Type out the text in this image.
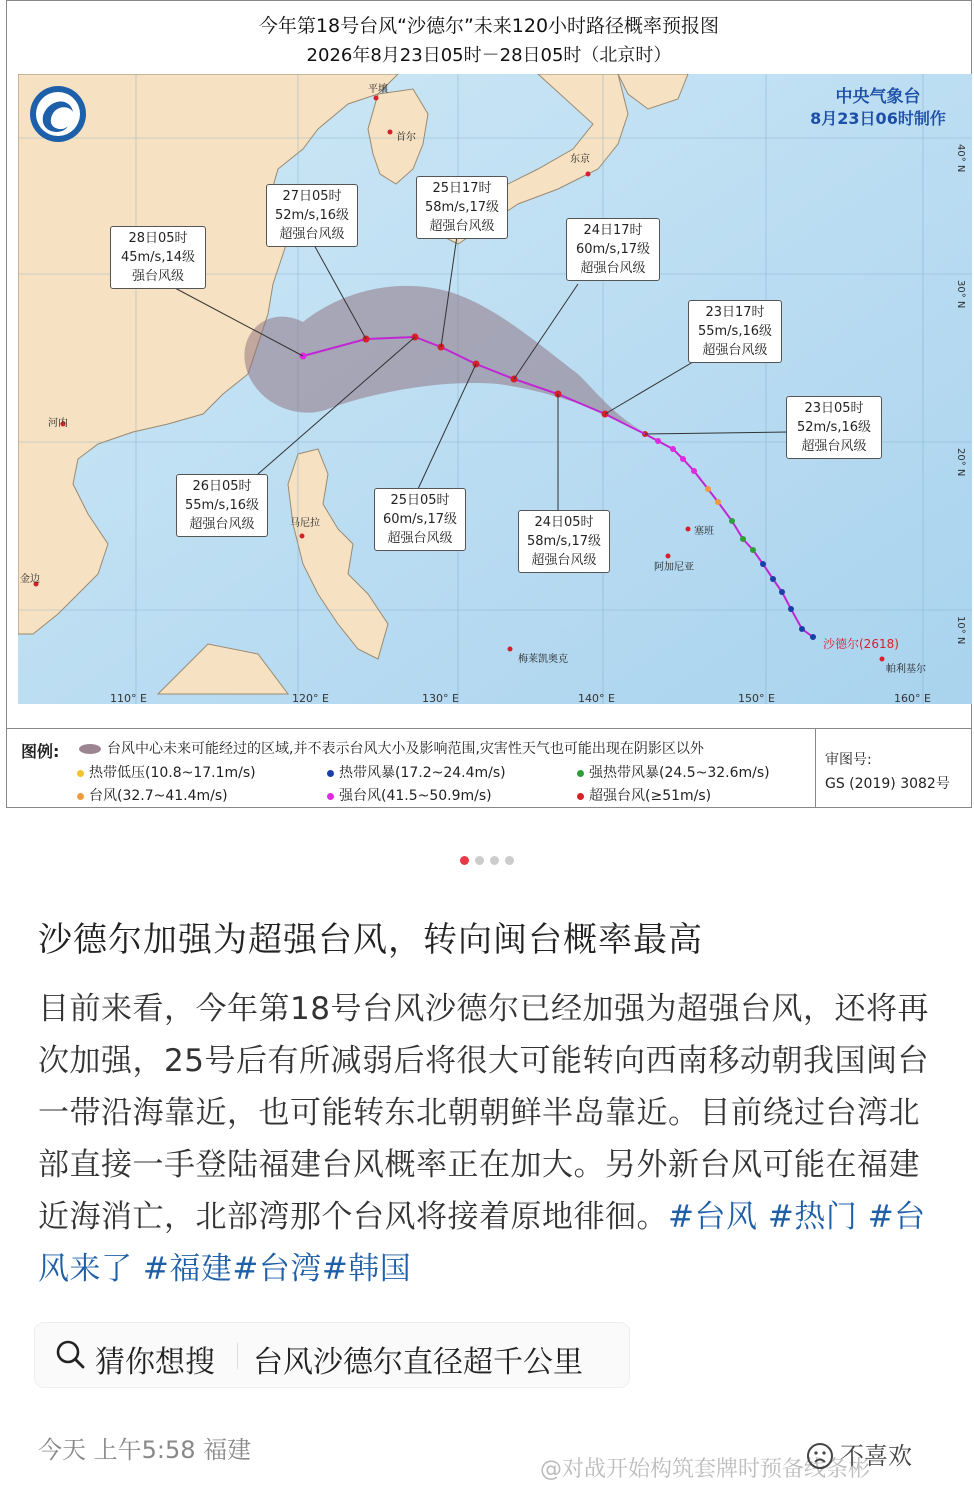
今年第18号台风“沙德尔”未来120小时路径概率预报图
2026年8月23日05时－28日05时（北京时）
110° E	120° E	130° E	140° E	150° E	160° E
40° N
30° N
20° N
10° N
平壤
首尔
东京
河内
马尼拉
金边
塞班
阿加尼亚
梅莱凯奥克
帕利基尔
沙德尔(2618)
中央气象台
8月23日06时制作
28日05时
45m/s,14级
强台风级
27日05时
52m/s,16级
超强台风级
25日17时
58m/s,17级
超强台风级	24日17时
60m/s,17级
超强台风级
23日17时
55m/s,16级
超强台风级
23日05时
52m/s,16级
超强台风级
26日05时
55m/s,16级
超强台风级
25日05时
60m/s,17级
超强台风级
24日05时
58m/s,17级
超强台风级
图例:	台风中心未来可能经过的区域,并不表示台风大小及影响范围,灾害性天气也可能出现在阴影区以外
热带低压(10.8~17.1m/s)	热带风暴(17.2~24.4m/s)	强热带风暴(24.5~32.6m/s)
台风(32.7~41.4m/s)	强台风(41.5~50.9m/s)	超强台风(≥51m/s)
审图号:
GS (2019) 3082号
沙德尔加强为超强台风，转向闽台概率最高
目前来看，今年第18号台风沙德尔已经加强为超强台风，还将再次加强，25号后有所减弱后将很大可能转向西南移动朝我国闽台一带沿海靠近，也可能转东北朝朝鲜半岛靠近。目前绕过台湾北部直接一手登陆福建台风概率正在加大。另外新台风可能在福建近海消亡，北部湾那个台风将接着原地徘徊。#台风 #热门 #台风来了 #福建#台湾#韩国
猜你想搜 台风沙德尔直径超千公里
今天 上午5:58 福建
@对战开始构筑套牌时预备线条彬
不喜欢
